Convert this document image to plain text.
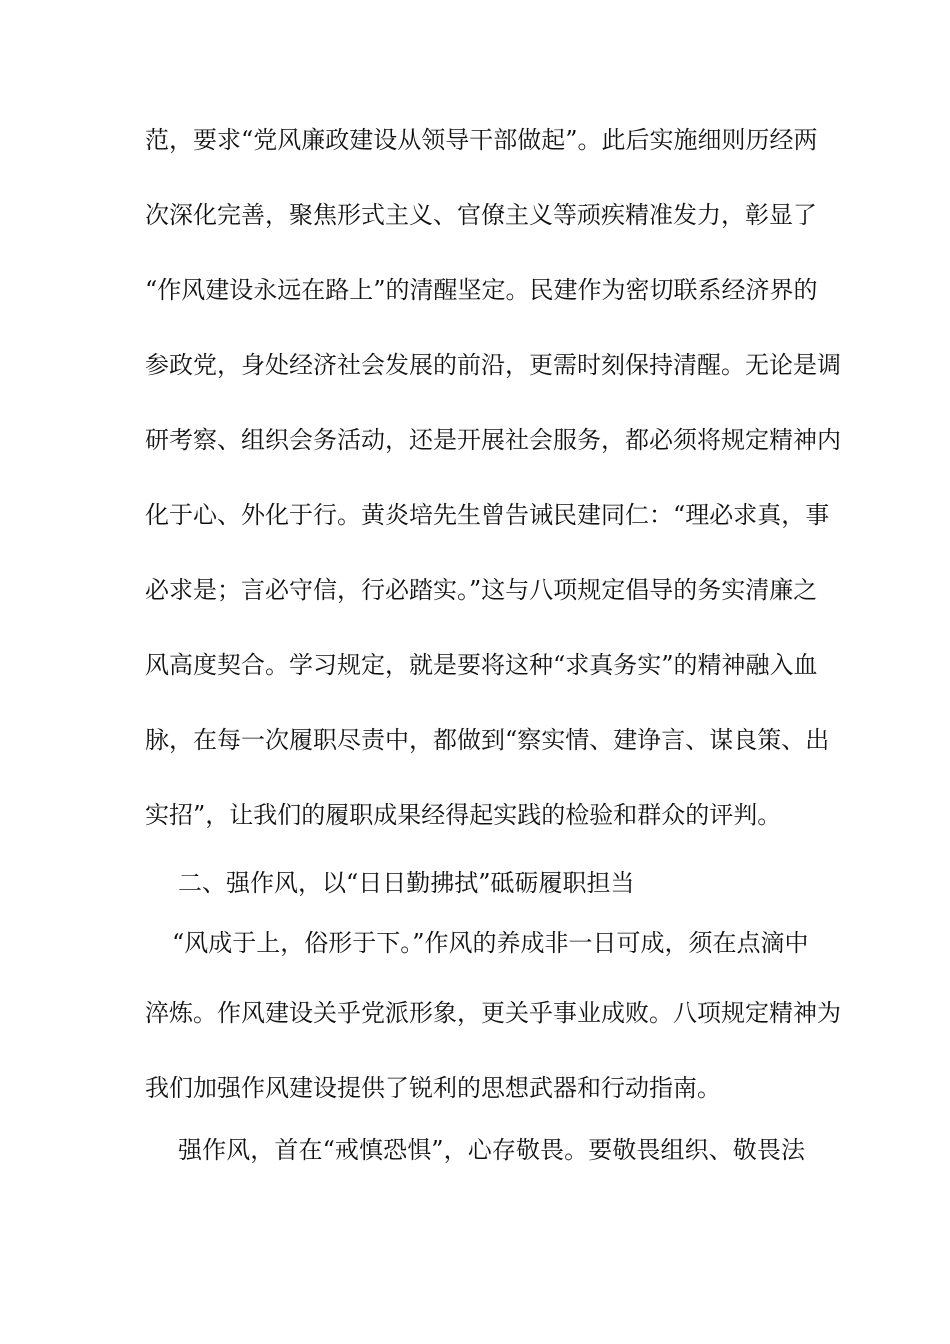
范，要求“党风廉政建设从领导干部做起”。此后实施细则历经两
次深化完善，聚焦形式主义、官僚主义等顽疾精准发力，彰显了
“作风建设永远在路上”的清醒坚定。民建作为密切联系经济界的
参政党，身处经济社会发展的前沿，更需时刻保持清醒。无论是调
研考察、组织会务活动，还是开展社会服务，都必须将规定精神内
化于心、外化于行。黄炎培先生曾告诫民建同仁：“理必求真，事
必求是；言必守信，行必踏实。”这与八项规定倡导的务实清廉之
风高度契合。学习规定，就是要将这种“求真务实”的精神融入血
脉，在每一次履职尽责中，都做到“察实情、建诤言、谋良策、出
实招”，让我们的履职成果经得起实践的检验和群众的评判。
二、强作风，以“日日勤拂拭”砥砺履职担当
“风成于上，俗形于下。”作风的养成非一日可成，须在点滴中
淬炼。作风建设关乎党派形象，更关乎事业成败。八项规定精神为
我们加强作风建设提供了锐利的思想武器和行动指南。
强作风，首在“戒慎恐惧”，心存敬畏。要敬畏组织、敬畏法
